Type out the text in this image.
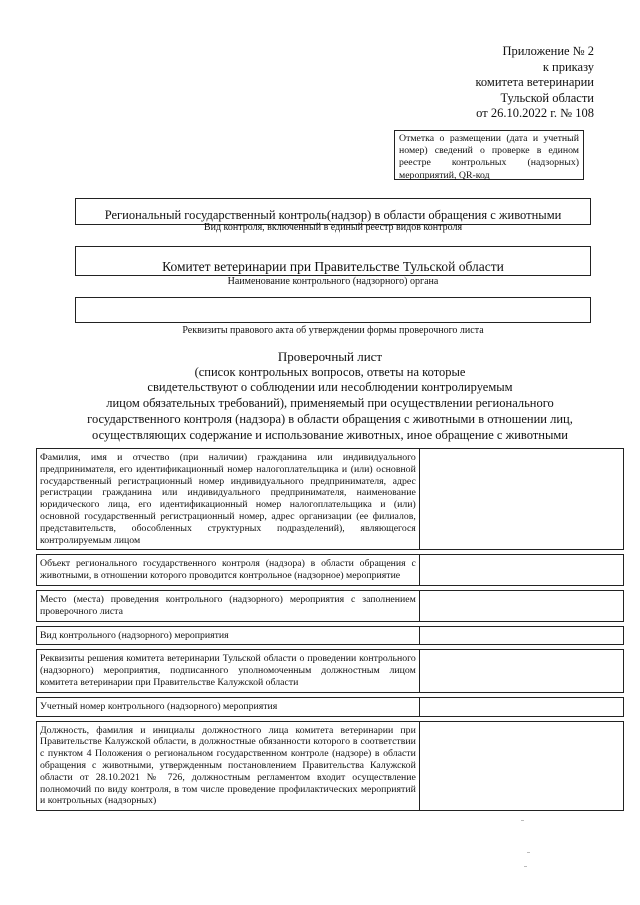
Приложение № 2
к приказу
комитета ветеринарии
Тульской области
от 26.10.2022 г. № 108
Отметка о размещении (дата и учетный номер) сведений о проверке в едином реестре контрольных (надзорных) мероприятий, QR-код
Региональный государственный контроль(надзор) в области обращения с животными
Вид контроля, включенный в единый реестр видов контроля
Комитет ветеринарии при Правительстве Тульской области
Наименование контрольного (надзорного) органа
Реквизиты правового акта об утверждении формы проверочного листа
Проверочный лист
(список контрольных вопросов, ответы на которые
свидетельствуют о соблюдении или несоблюдении контролируемым
лицом обязательных требований), применяемый при осуществлении регионального
государственного контроля (надзора) в области обращения с животными в отношении лиц,
осуществляющих содержание и использование животных, иное обращение с животными
Фамилия, имя и отчество (при наличии) гражданина или индивидуального предпринимателя, его идентификационный номер налогоплательщика и (или) основной государственный регистрационный номер индивидуального предпринимателя, адрес регистрации гражданина или индивидуального предпринимателя, наименование юридического лица, его идентификационный номер налогоплательщика и (или) основной государственный регистрационный номер, адрес организации (ее филиалов, представительств, обособленных структурных подразделений), являющегося контролируемым лицом	

Объект регионального государственного контроля (надзора) в области обращения с животными, в отношении которого проводится контрольное (надзорное) мероприятие	

Место (места) проведения контрольного (надзорного) мероприятия с заполнением проверочного листа	

Вид контрольного (надзорного) мероприятия	

Реквизиты решения комитета ветеринарии Тульской области о проведении контрольного (надзорного) мероприятия, подписанного уполномоченным должностным лицом комитета ветеринарии при Правительстве Калужской области	

Учетный номер контрольного (надзорного) мероприятия	

Должность, фамилия и инициалы должностного лица комитета ветеринарии при Правительстве Калужской области, в должностные обязанности которого в соответствии с пунктом 4 Положения о региональном государственном контроле (надзоре) в области обращения с животными, утвержденным постановлением Правительства Калужской области от 28.10.2021 № 726, должностным регламентом входит осуществление полномочий по виду контроля, в том числе проведение профилактических мероприятий и контрольных (надзорных)	
